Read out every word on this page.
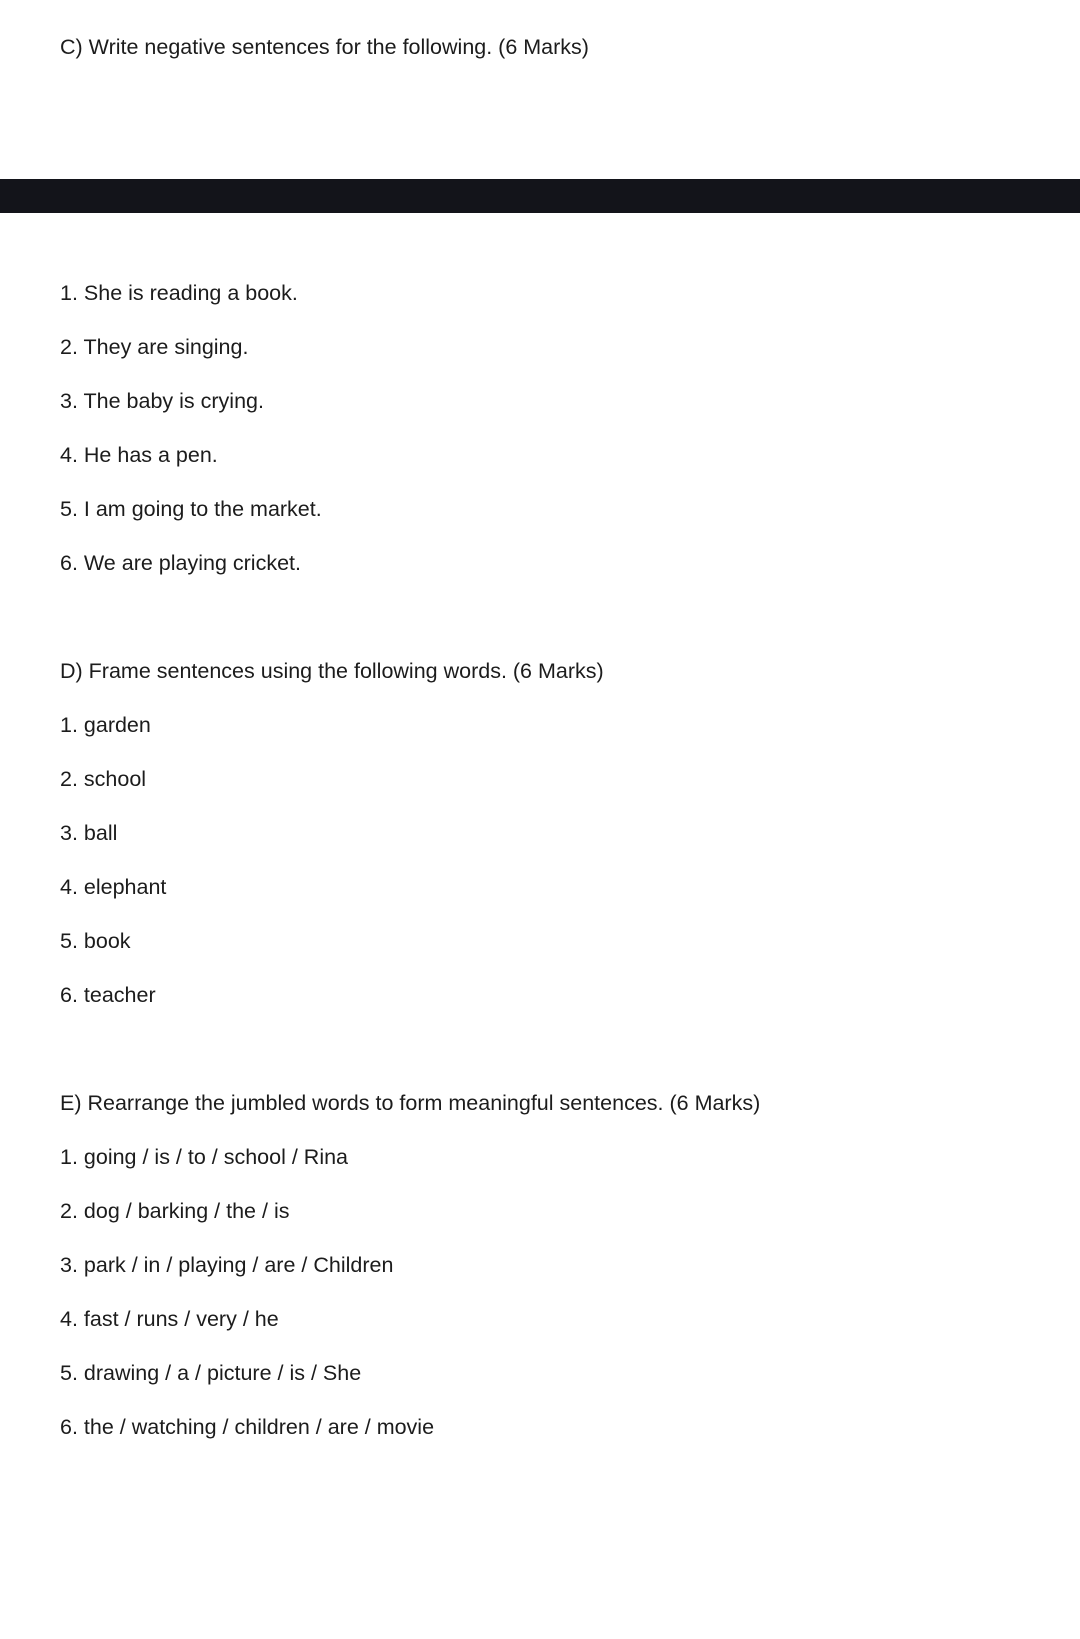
C) Write negative sentences for the following. (6 Marks)

1. She is reading a book.

2. They are singing.

3. The baby is crying.

4. He has a pen.

5. I am going to the market.

6. We are playing cricket.

D) Frame sentences using the following words. (6 Marks)

1. garden

2. school

3. ball

4. elephant

5. book

6. teacher

E) Rearrange the jumbled words to form meaningful sentences. (6 Marks)

1. going / is / to / school / Rina

2. dog / barking / the / is

3. park / in / playing / are / Children

4. fast / runs / very / he

5. drawing / a / picture / is / She

6. the / watching / children / are / movie
